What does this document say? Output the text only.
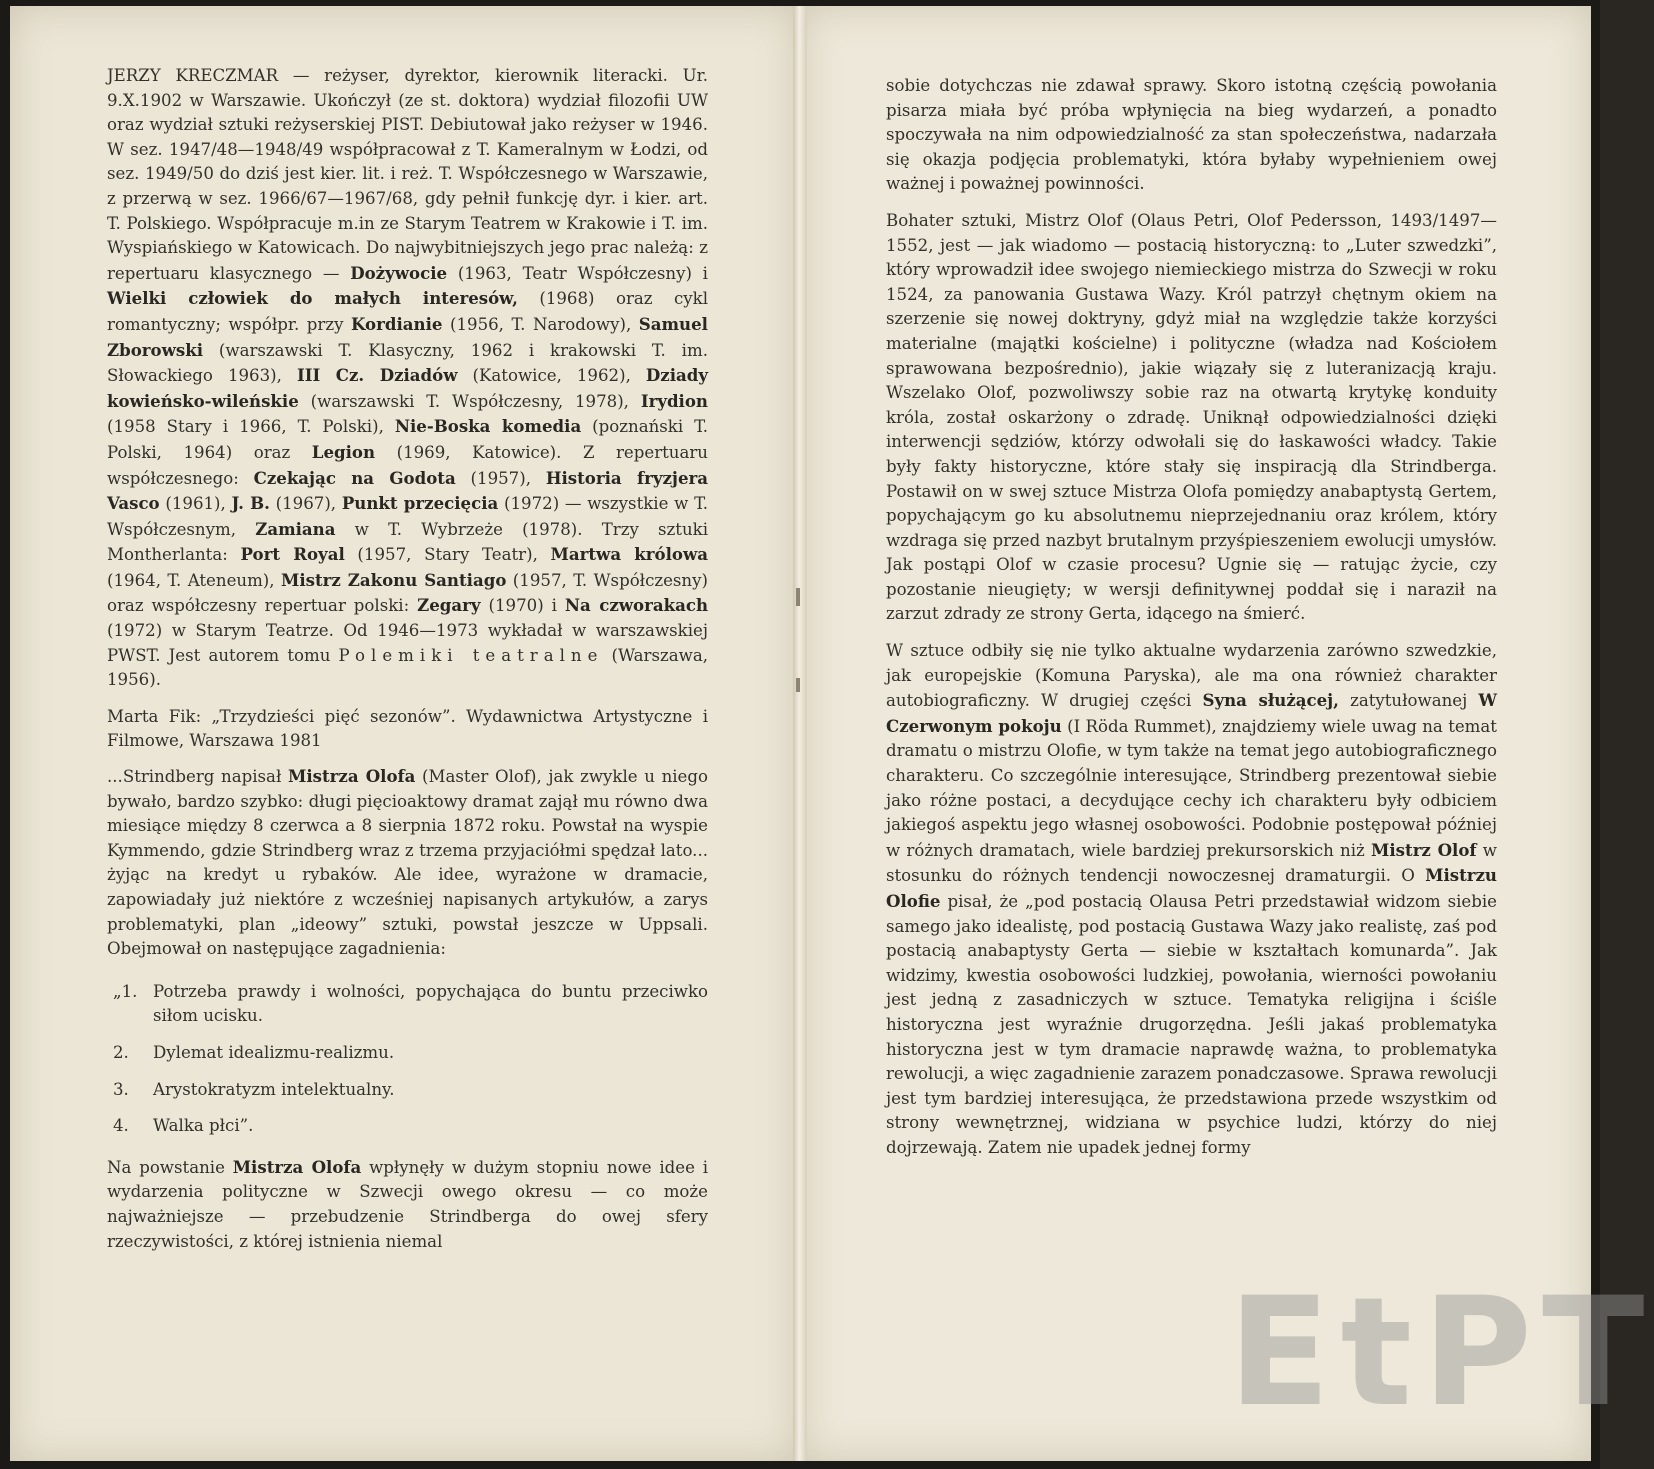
JERZY KRECZMAR — reżyser, dyrektor, kierownik literacki. Ur. 9.X.1902 w Warszawie. Ukończył (ze st. doktora) wydział filozofii UW oraz wydział sztuki reżyserskiej PIST. Debiutował jako reżyser w 1946. W sez. 1947/48—1948/49 współpracował z T. Kameralnym w Łodzi, od sez. 1949/50 do dziś jest kier. lit. i reż. T. Współczesnego w Warszawie, z przerwą w sez. 1966/67—1967/68, gdy pełnił funkcję dyr. i kier. art. T. Polskiego. Współpracuje m.in ze Starym Teatrem w Krakowie i T. im. Wyspiańskiego w Katowicach. Do najwybitniejszych jego prac należą: z repertuaru klasycznego — Dożywocie (1963, Teatr Współczesny) i Wielki człowiek do małych interesów, (1968) oraz cykl romantyczny; współpr. przy Kordianie (1956, T. Narodowy), Samuel Zborowski (warszawski T. Klasyczny, 1962 i krakowski T. im. Słowackiego 1963), III Cz. Dziadów (Katowice, 1962), Dziady kowieńsko-wileńskie (warszawski T. Współczesny, 1978), Irydion (1958 Stary i 1966, T. Polski), Nie-Boska komedia (poznański T. Polski, 1964) oraz Legion (1969, Katowice). Z repertuaru współczesnego: Czekając na Godota (1957), Historia fryzjera Vasco (1961), J. B. (1967), Punkt przecięcia (1972) — wszystkie w T. Współczesnym, Zamiana w T. Wybrzeże (1978). Trzy sztuki Montherlanta: Port Royal (1957, Stary Teatr), Martwa królowa (1964, T. Ateneum), Mistrz Zakonu Santiago (1957, T. Współczesny) oraz współczesny repertuar polski: Zegary (1970) i Na czworakach (1972) w Starym Teatrze. Od 1946—1973 wykładał w warszawskiej PWST. Jest autorem tomu Polemiki teatralne (Warszawa, 1956).

Marta Fik: „Trzydzieści pięć sezonów”. Wydawnictwa Artystyczne i Filmowe, Warszawa 1981

...Strindberg napisał Mistrza Olofa (Master Olof), jak zwykle u niego bywało, bardzo szybko: długi pięcioaktowy dramat zajął mu równo dwa miesiące między 8 czerwca a 8 sierpnia 1872 roku. Powstał na wyspie Kymmendo, gdzie Strindberg wraz z trzema przyjaciółmi spędzał lato... żyjąc na kredyt u rybaków. Ale idee, wyrażone w dramacie, zapowiadały już niektóre z wcześniej napisanych artykułów, a zarys problematyki, plan „ideowy” sztuki, powstał jeszcze w Uppsali. Obejmował on następujące zagadnienia:

„1. Potrzeba prawdy i wolności, popychająca do buntu przeciwko siłom ucisku.
2.	Dylemat idealizmu-realizmu.
3.	Arystokratyzm intelektualny.
4.	Walka płci”.

Na powstanie Mistrza Olofa wpłynęły w dużym stopniu nowe idee i wydarzenia polityczne w Szwecji owego okresu — co może najważniejsze — przebudzenie Strindberga do owej sfery rzeczywistości, z której istnienia niemal

sobie dotychczas nie zdawał sprawy. Skoro istotną częścią powołania pisarza miała być próba wpłynięcia na bieg wydarzeń, a ponadto spoczywała na nim odpowiedzialność za stan społeczeństwa, nadarzała się okazja podjęcia problematyki, która byłaby wypełnieniem owej ważnej i poważnej powinności.

Bohater sztuki, Mistrz Olof (Olaus Petri, Olof Pedersson, 1493/1497—1552, jest — jak wiadomo — postacią historyczną: to „Luter szwedzki”, który wprowadził idee swojego niemieckiego mistrza do Szwecji w roku 1524, za panowania Gustawa Wazy. Król patrzył chętnym okiem na szerzenie się nowej doktryny, gdyż miał na względzie także korzyści materialne (majątki kościelne) i polityczne (władza nad Kościołem sprawowana bezpośrednio), jakie wiązały się z luteranizacją kraju. Wszelako Olof, pozwoliwszy sobie raz na otwartą krytykę konduity króla, został oskarżony o zdradę. Uniknął odpowiedzialności dzięki interwencji sędziów, którzy odwołali się do łaskawości władcy. Takie były fakty historyczne, które stały się inspiracją dla Strindberga. Postawił on w swej sztuce Mistrza Olofa pomiędzy anabaptystą Gertem, popychającym go ku absolutnemu nieprzejednaniu oraz królem, który wzdraga się przed nazbyt brutalnym przyśpieszeniem ewolucji umysłów. Jak postąpi Olof w czasie procesu? Ugnie się — ratując życie, czy pozostanie nieugięty; w wersji definitywnej poddał się i naraził na zarzut zdrady ze strony Gerta, idącego na śmierć.

W sztuce odbiły się nie tylko aktualne wydarzenia zarówno szwedzkie, jak europejskie (Komuna Paryska), ale ma ona również charakter autobiograficzny. W drugiej części Syna służącej, zatytułowanej W Czerwonym pokoju (I Röda Rummet), znajdziemy wiele uwag na temat dramatu o mistrzu Olofie, w tym także na temat jego autobiograficznego charakteru. Co szczególnie interesujące, Strindberg prezentował siebie jako różne postaci, a decydujące cechy ich charakteru były odbiciem jakiegoś aspektu jego własnej osobowości. Podobnie postępował później w różnych dramatach, wiele bardziej prekursorskich niż Mistrz Olof w stosunku do różnych tendencji nowoczesnej dramaturgii. O Mistrzu Olofie pisał, że „pod postacią Olausa Petri przedstawiał widzom siebie samego jako idealistę, pod postacią Gustawa Wazy jako realistę, zaś pod postacią anabaptysty Gerta — siebie w kształtach komunarda”. Jak widzimy, kwestia osobowości ludzkiej, powołania, wierności powołaniu jest jedną z zasadniczych w sztuce. Tematyka religijna i ściśle historyczna jest wyraźnie drugorzędna. Jeśli jakaś problematyka historyczna jest w tym dramacie naprawdę ważna, to problematyka rewolucji, a więc zagadnienie zarazem ponadczasowe. Sprawa rewolucji jest tym bardziej interesująca, że przedstawiona przede wszystkim od strony wewnętrznej, widziana w psychice ludzi, którzy do niej dojrzewają. Zatem nie upadek jednej formy

EtPT
